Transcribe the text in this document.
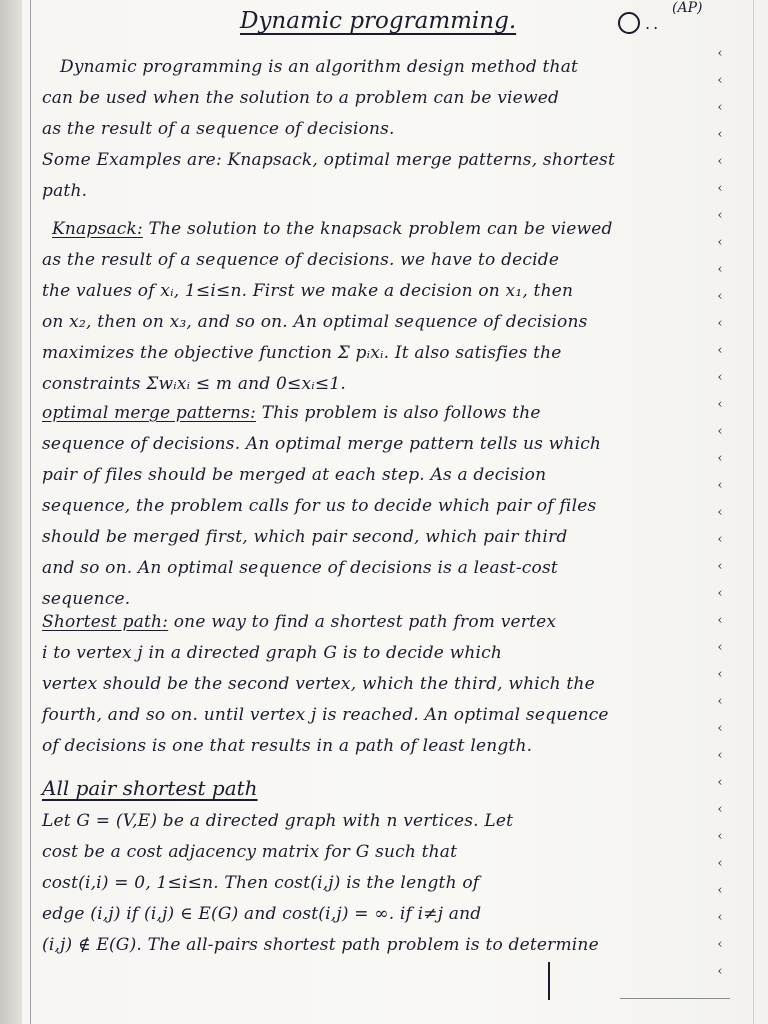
Dynamic programming.	..
(AP)
Dynamic programming is an algorithm design method that
can be used when the solution to a problem can be viewed
as the result of a sequence of decisions.
Some Examples are: Knapsack, optimal merge patterns, shortest
path.
Knapsack: The solution to the knapsack problem can be viewed
as the result of a sequence of decisions. we have to decide
the values of xᵢ, 1≤i≤n. First we make a decision on x₁, then
on x₂, then on x₃, and so on. An optimal sequence of decisions
maximizes the objective function Σ pᵢxᵢ. It also satisfies the
constraints Σwᵢxᵢ ≤ m and 0≤xᵢ≤1.
optimal merge patterns: This problem is also follows the
sequence of decisions. An optimal merge pattern tells us which
pair of files should be merged at each step. As a decision
sequence, the problem calls for us to decide which pair of files
should be merged first, which pair second, which pair third
and so on. An optimal sequence of decisions is a least-cost
sequence.
Shortest path: one way to find a shortest path from vertex
i to vertex j in a directed graph G is to decide which
vertex should be the second vertex, which the third, which the
fourth, and so on. until vertex j is reached. An optimal sequence
of decisions is one that results in a path of least length.
All pair shortest path
Let G = (V,E) be a directed graph with n vertices. Let
cost be a cost adjacency matrix for G such that
cost(i,i) = 0, 1≤i≤n. Then cost(i,j) is the length of
edge (i,j) if (i,j) ∈ E(G) and cost(i,j) = ∞. if i≠j and
(i,j) ∉ E(G). The all-pairs shortest path problem is to determine
‹
‹
‹
‹
‹
‹
‹
‹
‹
‹
‹
‹
‹
‹
‹
‹
‹
‹
‹
‹
‹
‹
‹
‹
‹
‹
‹
‹
‹
‹
‹
‹
‹
‹
‹
